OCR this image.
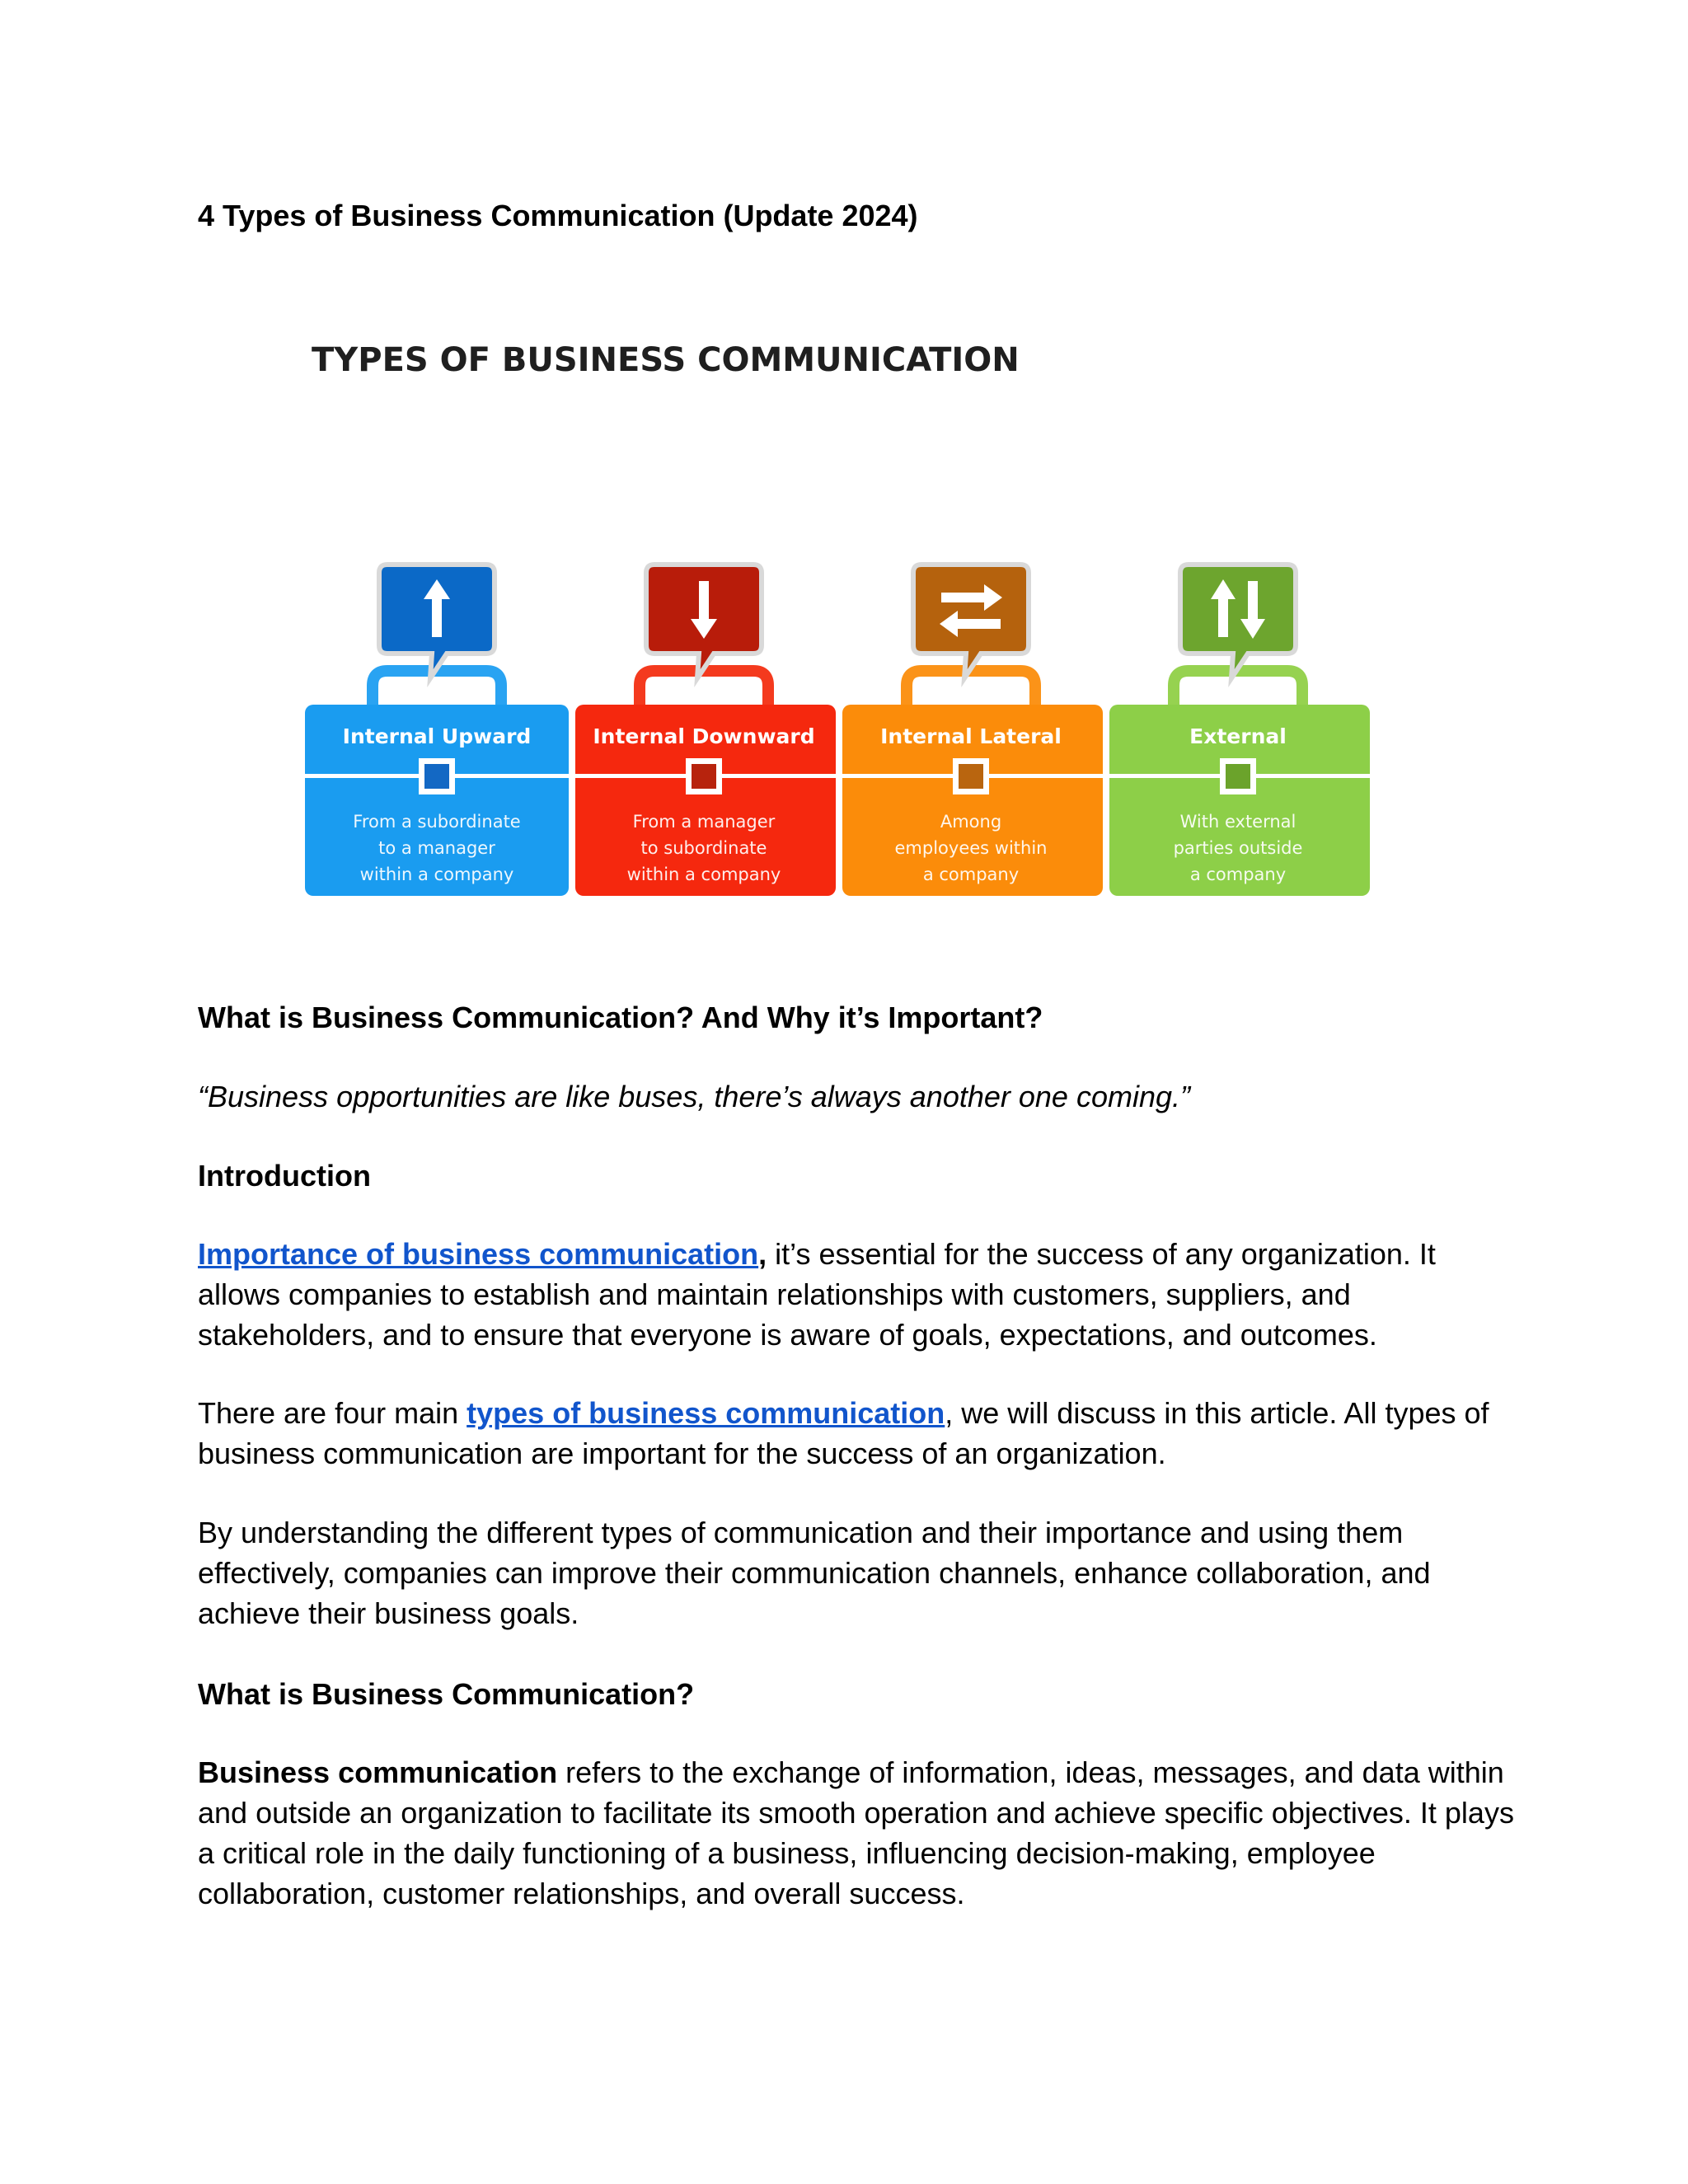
4 Types of Business Communication (Update 2024)
TYPES OF BUSINESS COMMUNICATION
Internal Upward
From a subordinate
to a manager
within a company
Internal Downward
From a manager
to subordinate
within a company
Internal Lateral
Among
employees within
a company
External
With external
parties outside
a company
What is Business Communication? And Why it’s Important?
“Business opportunities are like buses, there’s always another one coming.”
Introduction
Importance of business communication, it’s essential for the success of any organization. It allows companies to establish and maintain relationships with customers, suppliers, and stakeholders, and to ensure that everyone is aware of goals, expectations, and outcomes.
There are four main types of business communication, we will discuss in this article. All types of business communication are important for the success of an organization.
By understanding the different types of communication and their importance and using them effectively, companies can improve their communication channels, enhance collaboration, and achieve their business goals.
What is Business Communication?
Business communication refers to the exchange of information, ideas, messages, and data within and outside an organization to facilitate its smooth operation and achieve specific objectives. It plays a critical role in the daily functioning of a business, influencing decision-making, employee collaboration, customer relationships, and overall success.
